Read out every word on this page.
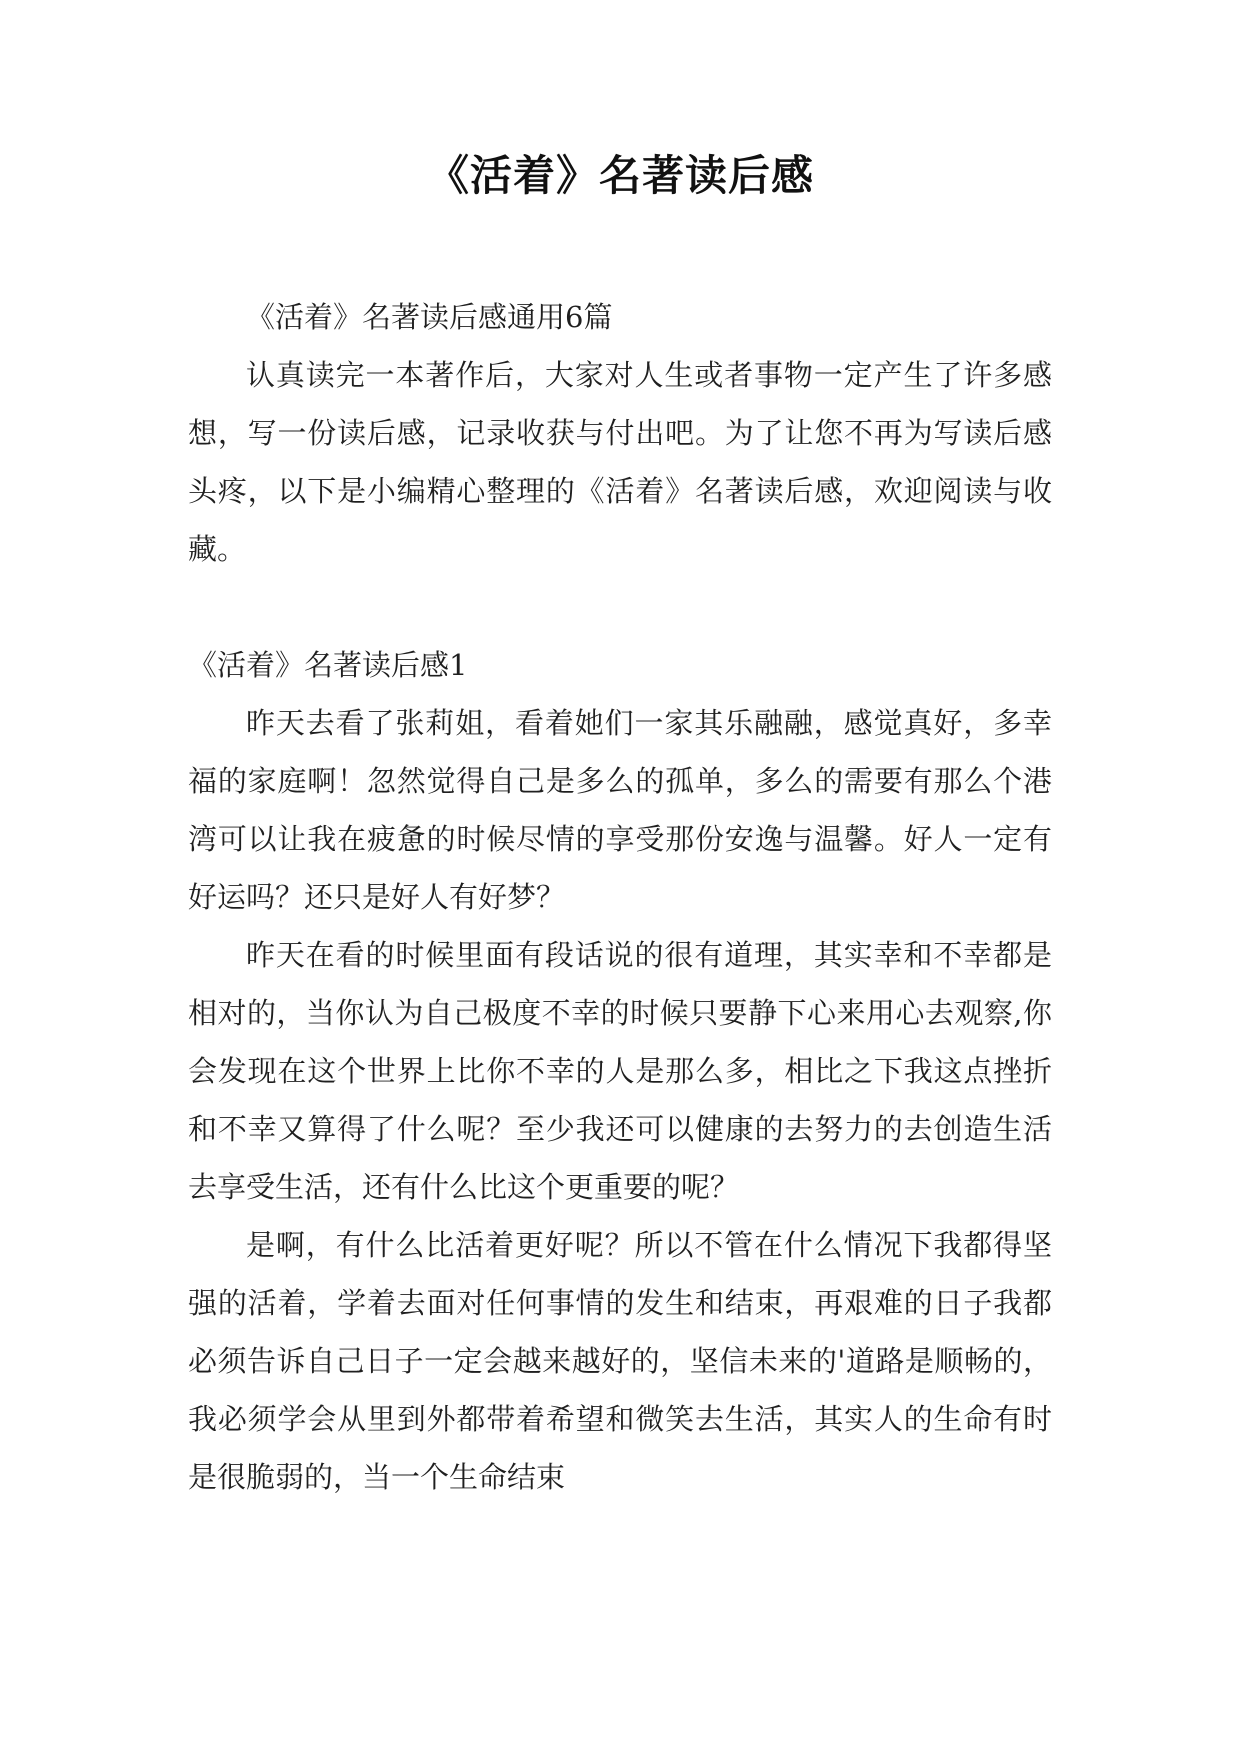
《活着》名著读后感

《活着》名著读后感通用6篇

认真读完一本著作后，大家对人生或者事物一定产生了许多感想，写一份读后感，记录收获与付出吧。为了让您不再为写读后感头疼，以下是小编精心整理的《活着》名著读后感，欢迎阅读与收藏。

《活着》名著读后感1

昨天去看了张莉姐，看着她们一家其乐融融，感觉真好，多幸福的家庭啊！忽然觉得自己是多么的孤单，多么的需要有那么个港湾可以让我在疲惫的时候尽情的享受那份安逸与温馨。好人一定有好运吗？还只是好人有好梦？

昨天在看的时候里面有段话说的很有道理，其实幸和不幸都是相对的，当你认为自己极度不幸的时候只要静下心来用心去观察,你会发现在这个世界上比你不幸的人是那么多，相比之下我这点挫折和不幸又算得了什么呢？至少我还可以健康的去努力的去创造生活去享受生活，还有什么比这个更重要的呢？

是啊，有什么比活着更好呢？所以不管在什么情况下我都得坚强的活着，学着去面对任何事情的发生和结束，再艰难的日子我都必须告诉自己日子一定会越来越好的，坚信未来的'道路是顺畅的，我必须学会从里到外都带着希望和微笑去生活，其实人的生命有时是很脆弱的，当一个生命结束
